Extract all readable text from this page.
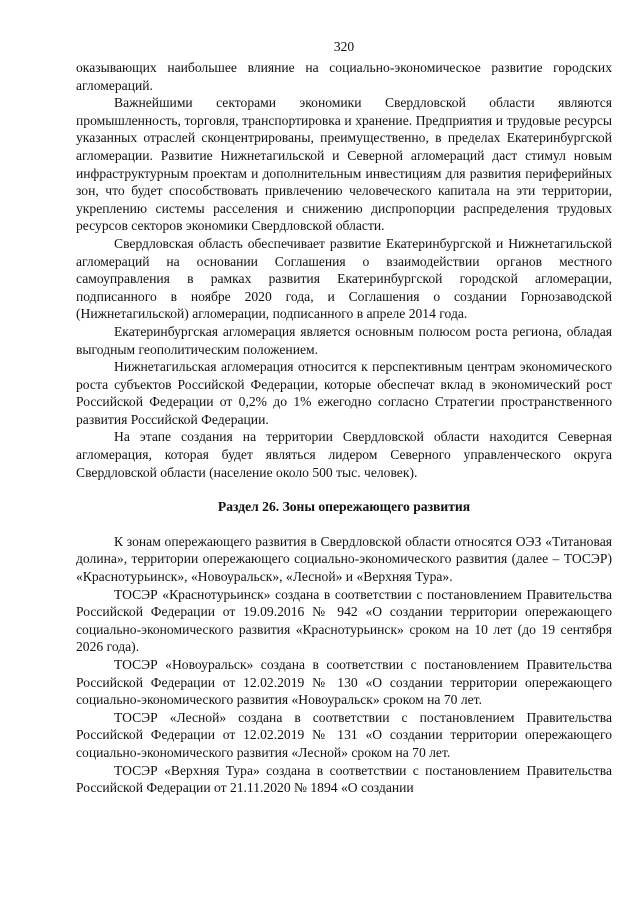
320

оказывающих наибольшее влияние на социально-экономическое развитие городских агломераций.

Важнейшими секторами экономики Свердловской области являются промышленность, торговля, транспортировка и хранение. Предприятия и трудовые ресурсы указанных отраслей сконцентрированы, преимущественно, в пределах Екатеринбургской агломерации. Развитие Нижнетагильской и Северной агломераций даст стимул новым инфраструктурным проектам и дополнительным инвестициям для развития периферийных зон, что будет способствовать привлечению человеческого капитала на эти территории, укреплению системы расселения и снижению диспропорции распределения трудовых ресурсов секторов экономики Свердловской области.

Свердловская область обеспечивает развитие Екатеринбургской и Нижнетагильской агломераций на основании Соглашения о взаимодействии органов местного самоуправления в рамках развития Екатеринбургской городской агломерации, подписанного в ноябре 2020 года, и Соглашения о создании Горнозаводской (Нижнетагильской) агломерации, подписанного в апреле 2014 года.

Екатеринбургская агломерация является основным полюсом роста региона, обладая выгодным геополитическим положением.

Нижнетагильская агломерация относится к перспективным центрам экономического роста субъектов Российской Федерации, которые обеспечат вклад в экономический рост Российской Федерации от 0,2% до 1% ежегодно согласно Стратегии пространственного развития Российской Федерации.

На этапе создания на территории Свердловской области находится Северная агломерация, которая будет являться лидером Северного управленческого округа Свердловской области (население около 500 тыс. человек).

Раздел 26. Зоны опережающего развития

К зонам опережающего развития в Свердловской области относятся ОЭЗ «Титановая долина», территории опережающего социально-экономического развития (далее – ТОСЭР) «Краснотурьинск», «Новоуральск», «Лесной» и «Верхняя Тура».

ТОСЭР «Краснотурьинск» создана в соответствии с постановлением Правительства Российской Федерации от 19.09.2016 № 942 «О создании территории опережающего социально-экономического развития «Краснотурьинск» сроком на 10 лет (до 19 сентября 2026 года).

ТОСЭР «Новоуральск» создана в соответствии с постановлением Правительства Российской Федерации от 12.02.2019 № 130 «О создании территории опережающего социально-экономического развития «Новоуральск» сроком на 70 лет.

ТОСЭР «Лесной» создана в соответствии с постановлением Правительства Российской Федерации от 12.02.2019 № 131 «О создании территории опережающего социально-экономического развития «Лесной» сроком на 70 лет.

ТОСЭР «Верхняя Тура» создана в соответствии с постановлением Правительства Российской Федерации от 21.11.2020 № 1894 «О создании
